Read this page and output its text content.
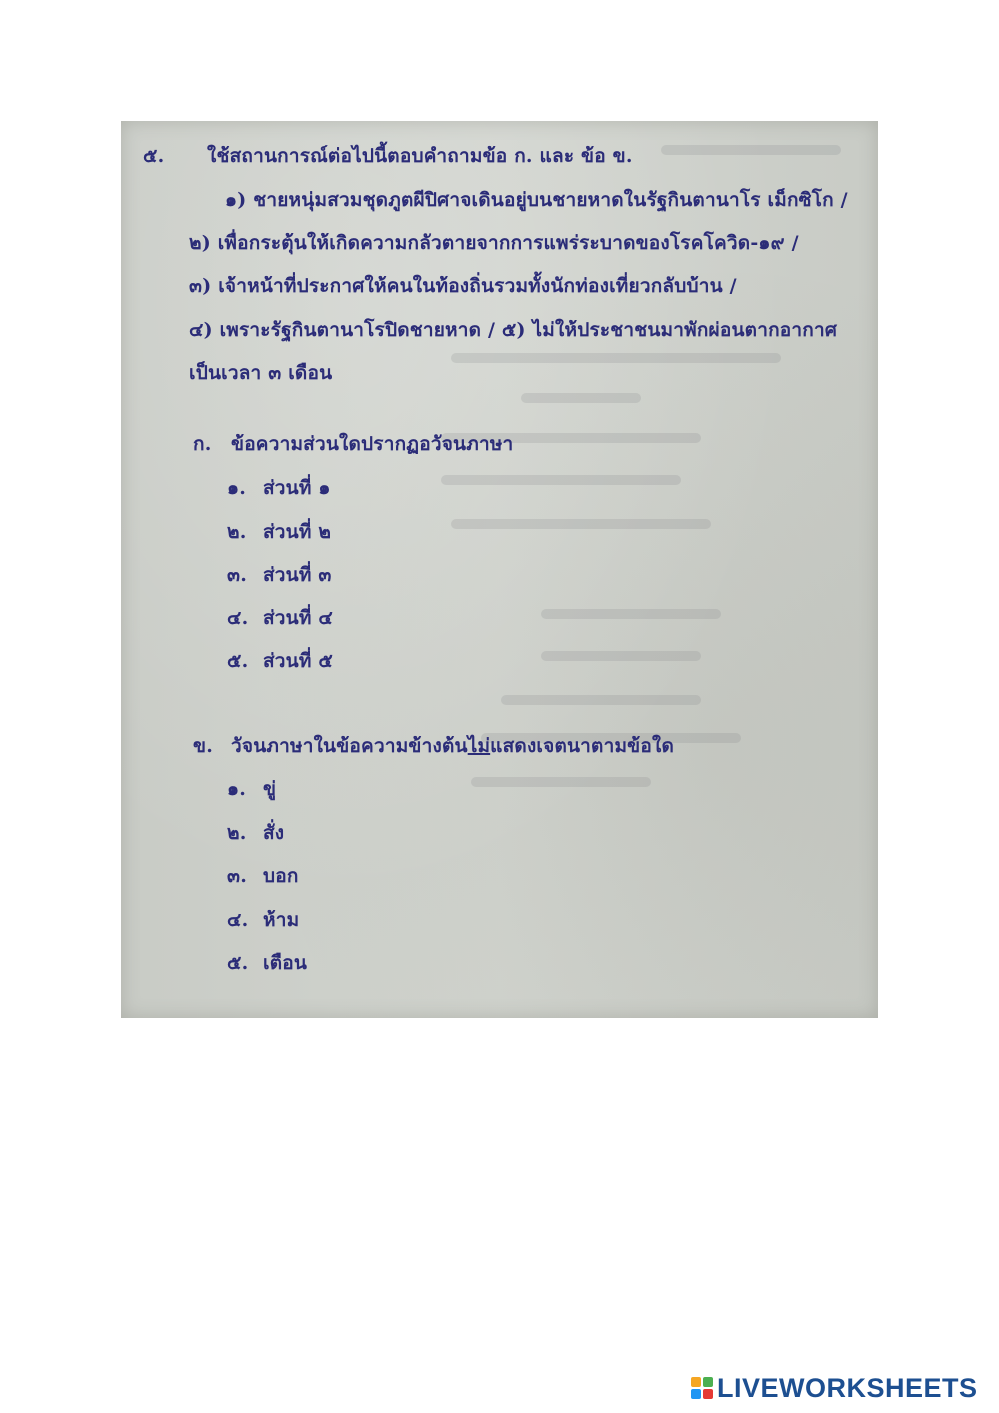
๕. ใช้สถานการณ์ต่อไปนี้ตอบคำถามข้อ ก. และ ข้อ ข.
๑) ชายหนุ่มสวมชุดภูตผีปิศาจเดินอยู่บนชายหาดในรัฐกินตานาโร เม็กซิโก /
๒) เพื่อกระตุ้นให้เกิดความกลัวตายจากการแพร่ระบาดของโรคโควิด-๑๙ /
๓) เจ้าหน้าที่ประกาศให้คนในท้องถิ่นรวมทั้งนักท่องเที่ยวกลับบ้าน /
๔) เพราะรัฐกินตานาโรปิดชายหาด / ๕) ไม่ให้ประชาชนมาพักผ่อนตากอากาศ
เป็นเวลา ๓ เดือน
ก. ข้อความส่วนใดปรากฏอวัจนภาษา
๑. ส่วนที่ ๑
๒. ส่วนที่ ๒
๓. ส่วนที่ ๓
๔. ส่วนที่ ๔
๕. ส่วนที่ ๕
ข. วัจนภาษาในข้อความข้างต้นไม่แสดงเจตนาตามข้อใด
๑. ขู่
๒. สั่ง
๓. บอก
๔. ห้าม
๕. เตือน
LIVEWORKSHEETS
